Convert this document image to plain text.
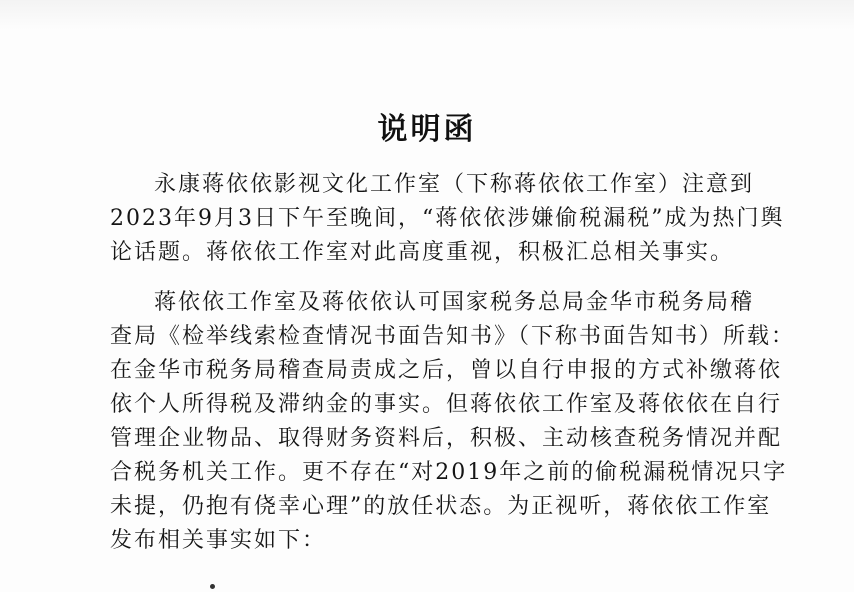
说明函
永康蒋依依影视文化工作室（下称蒋依依工作室）注意到
2023年9月3日下午至晚间，“蒋依依涉嫌偷税漏税”成为热门舆
论话题。蒋依依工作室对此高度重视，积极汇总相关事实。
蒋依依工作室及蒋依依认可国家税务总局金华市税务局稽
查局《检举线索检查情况书面告知书》（下称书面告知书）所载：
在金华市税务局稽查局责成之后，曾以自行申报的方式补缴蒋依
依个人所得税及滞纳金的事实。但蒋依依工作室及蒋依依在自行
管理企业物品、取得财务资料后，积极、主动核查税务情况并配
合税务机关工作。更不存在“对2019年之前的偷税漏税情况只字
未提，仍抱有侥幸心理”的放任状态。为正视听，蒋依依工作室
发布相关事实如下：
